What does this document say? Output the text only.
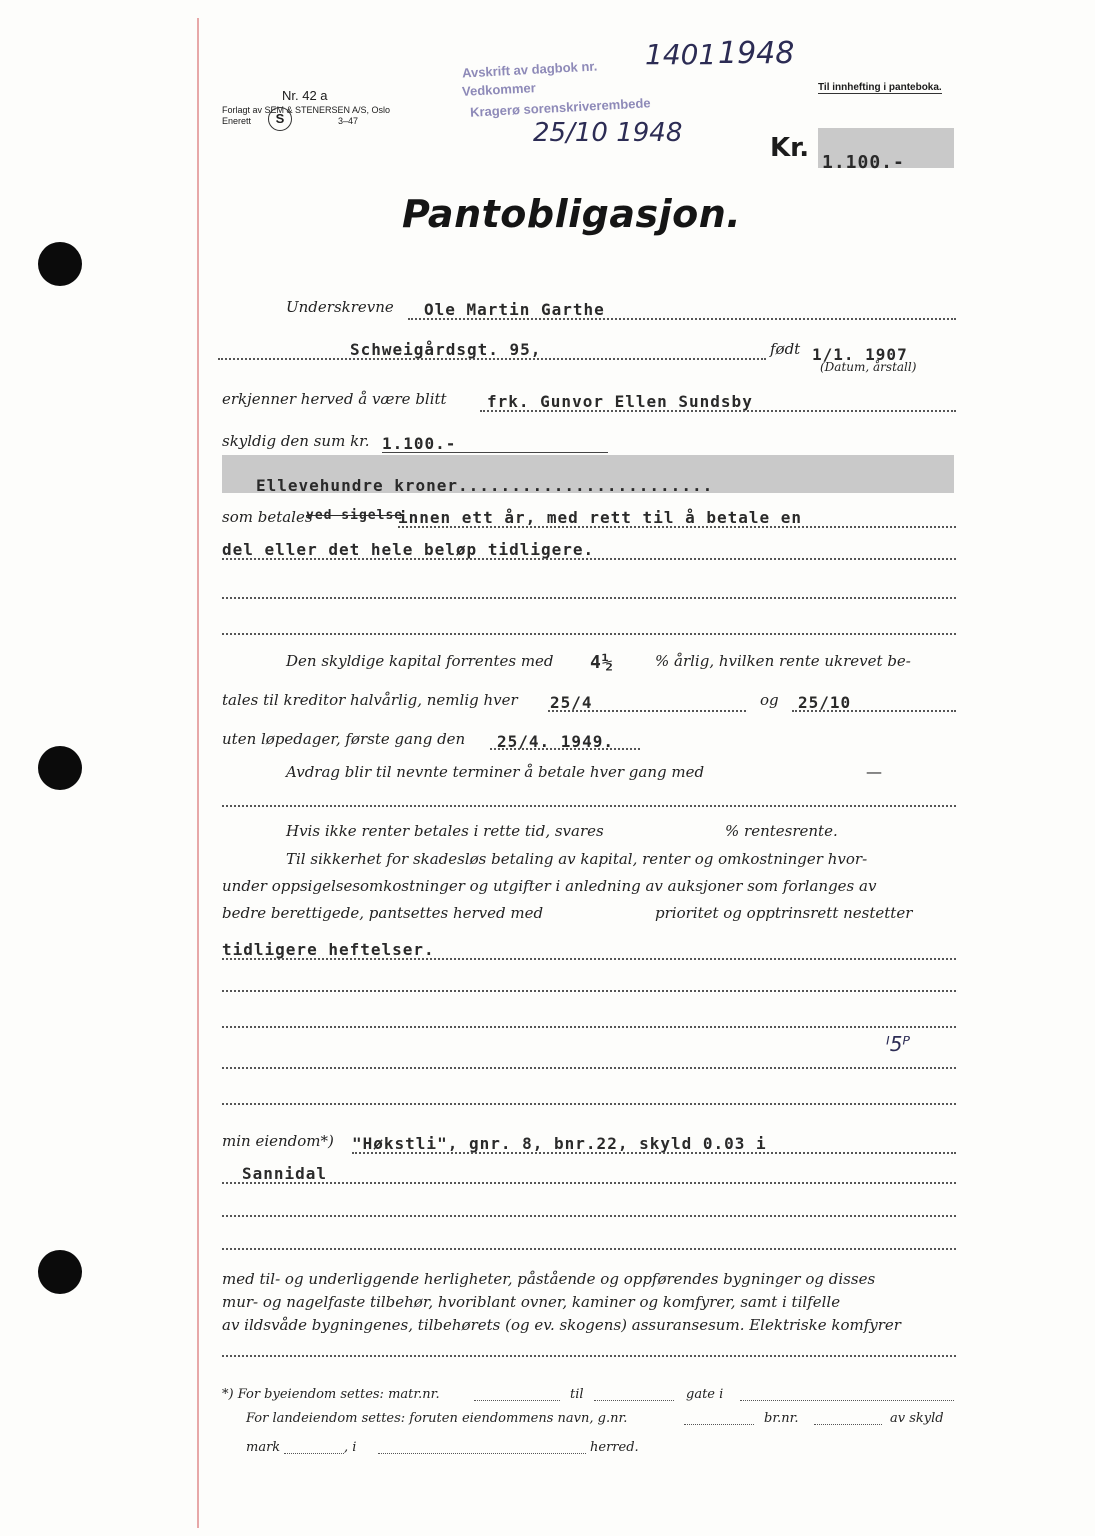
Nr. 42 a
Forlagt av SEM & STENERSEN A/S, Oslo
Enerett	S	3–47
Til innhefting i panteboka.
Avskrift av dagbok nr. 1401 1948
Vedkommer
Kragerø sorenskriverembede
25/10 1948	Kr. 1.100.-
Pantobligasjon.
Underskrevne Ole Martin Garthe
Schweigårdsgt. 95,	født 1/1. 1907
(Datum, årstall)
erkjenner herved å være blitt	frk. Gunvor Ellen Sundsby
skyldig den sum kr. 1.100.-
Ellevehundre kroner........................
som betales
ved sigelse
innen ett år, med rett til å betale en
del eller det hele beløp tidligere.
Den skyldige kapital forrentes med 4½	% årlig, hvilken rente ukrevet be-
tales til kreditor halvårlig, nemlig hver 25/4	og 25/10
uten løpedager, første gang den 25/4. 1949.
Avdrag blir til nevnte terminer å betale hver gang med	—
Hvis ikke renter betales i rette tid, svares	% rentesrente.
Til sikkerhet for skadesløs betaling av kapital, renter og omkostninger hvor-
under oppsigelsesomkostninger og utgifter i anledning av auksjoner som forlanges av
bedre berettigede, pantsettes herved med	prioritet og opptrinsrett nestetter
tidligere heftelser.
ᴵ5ᴾ
min eiendom*) "Høkstli", gnr. 8, bnr.22, skyld 0.03 i
Sannidal
med til- og underliggende herligheter, påstående og oppførendes bygninger og disses
mur- og nagelfaste tilbehør, hvoriblant ovner, kaminer og komfyrer, samt i tilfelle
av ildsvåde bygningenes, tilbehørets (og ev. skogens) assuransesum. Elektriske komfyrer
*) For byeiendom settes: matr.nr.	til	gate i
For landeiendom settes: foruten eiendommens navn, g.nr.	br.nr.	av skyld
mark	, i	herred.
